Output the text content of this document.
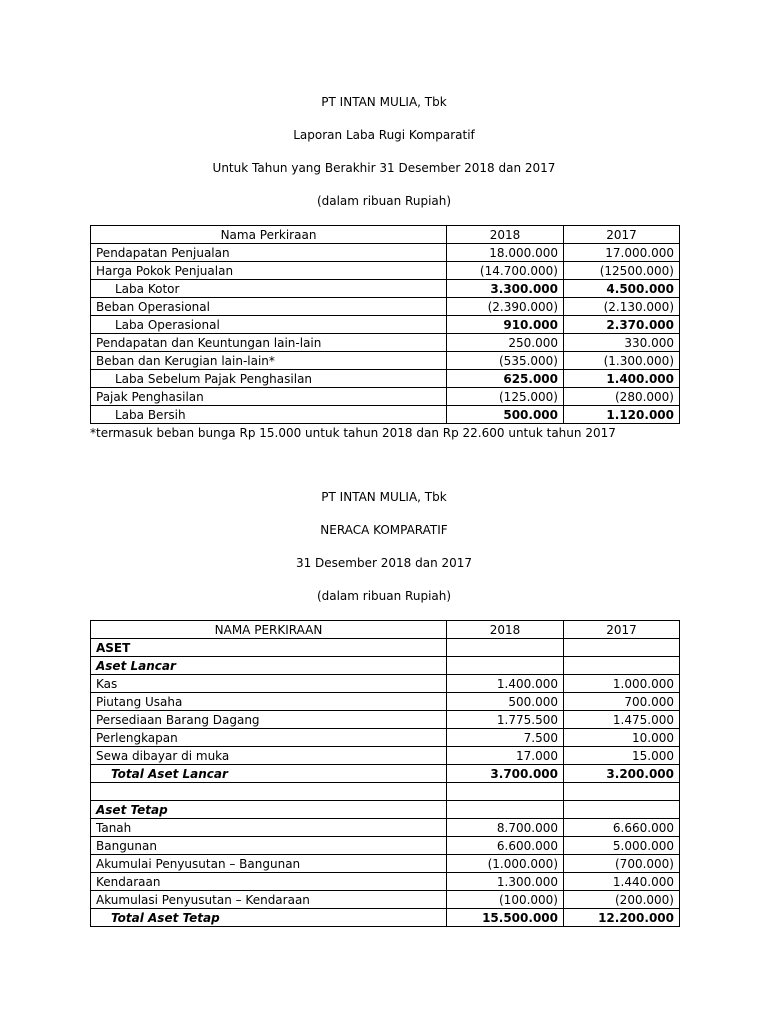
PT INTAN MULIA, Tbk

Laporan Laba Rugi Komparatif

Untuk Tahun yang Berakhir 31 Desember 2018 dan 2017

(dalam ribuan Rupiah)

Nama Perkiraan	2018	2017
Pendapatan Penjualan	18.000.000	17.000.000
Harga Pokok Penjualan	(14.700.000)	(12500.000)
Laba Kotor	3.300.000	4.500.000
Beban Operasional	(2.390.000)	(2.130.000)
Laba Operasional	910.000	2.370.000
Pendapatan dan Keuntungan lain-lain	250.000	330.000
Beban dan Kerugian lain-lain*	(535.000)	(1.300.000)
Laba Sebelum Pajak Penghasilan	625.000	1.400.000
Pajak Penghasilan	(125.000)	(280.000)
Laba Bersih	500.000	1.120.000
*termasuk beban bunga Rp 15.000 untuk tahun 2018 dan Rp 22.600 untuk tahun 2017

PT INTAN MULIA, Tbk

NERACA KOMPARATIF

31 Desember 2018 dan 2017

(dalam ribuan Rupiah)

NAMA PERKIRAAN	2018	2017
ASET		
Aset Lancar		
Kas	1.400.000	1.000.000
Piutang Usaha	500.000	700.000
Persediaan Barang Dagang	1.775.500	1.475.000
Perlengkapan	7.500	10.000
Sewa dibayar di muka	17.000	15.000
Total Aset Lancar	3.700.000	3.200.000

Aset Tetap		
Tanah	8.700.000	6.660.000
Bangunan	6.600.000	5.000.000
Akumulai Penyusutan – Bangunan	(1.000.000)	(700.000)
Kendaraan	1.300.000	1.440.000
Akumulasi Penyusutan – Kendaraan	(100.000)	(200.000)
Total Aset Tetap	15.500.000	12.200.000
